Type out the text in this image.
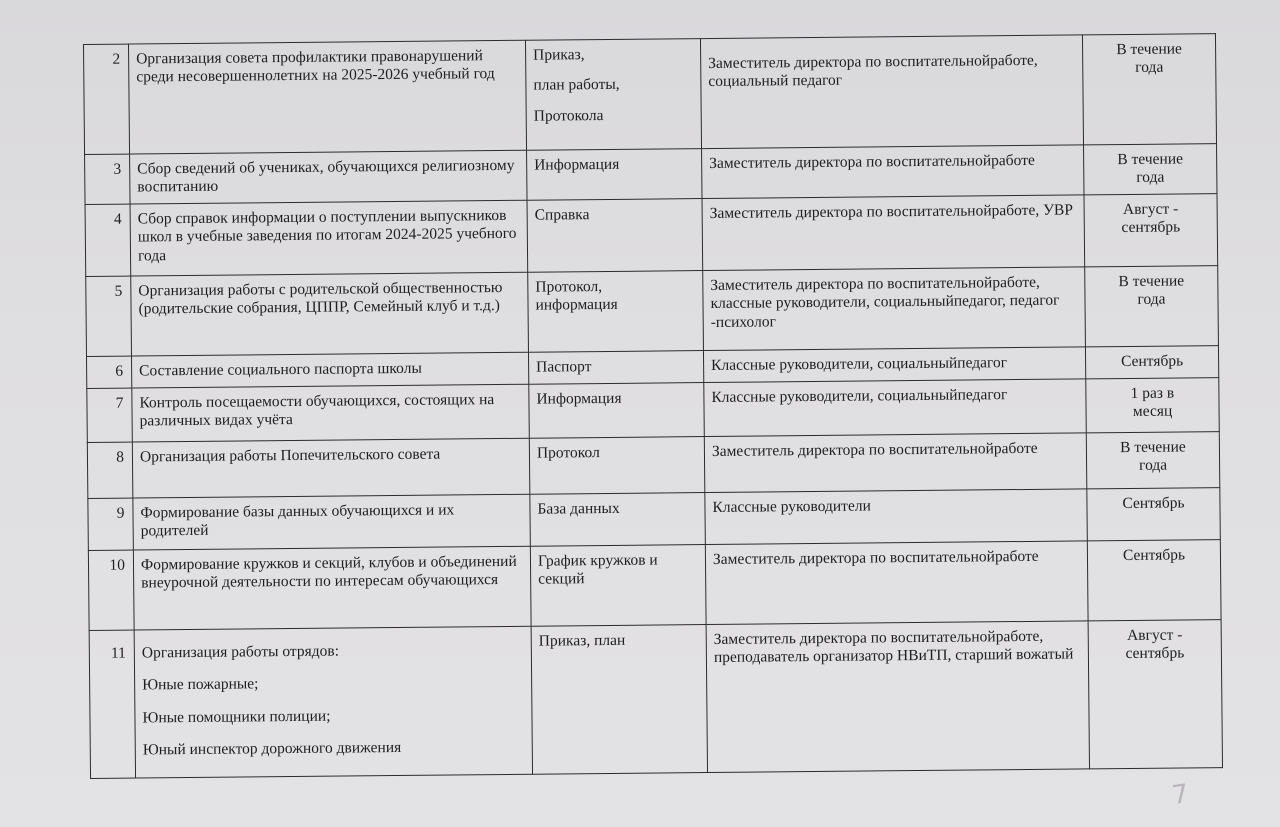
2	Организация совета профилактики правонарушений среди несовершеннолетних на 2025-2026 учебный год	Приказ,
план работы,
Протокола	Заместитель директора по воспитательнойработе, социальный педагог	В течение
года

3	Сбор сведений об учениках, обучающихся религиозному воспитанию	Информация	Заместитель директора по воспитательнойработе	В течение
года

4	Сбор справок информации о поступлении выпускников школ в учебные заведения по итогам 2024-2025 учебного года	Справка	Заместитель директора по воспитательнойработе, УВР	Август -
сентябрь

5	Организация работы с родительской общественностью (родительские собрания, ЦППР, Семейный клуб и т.д.)	Протокол,
информация	Заместитель директора по воспитательнойработе, классные руководители, социальныйпедагог, педагог -психолог	В течение
года

6	Составление социального паспорта школы	Паспорт	Классные руководители, социальныйпедагог	Сентябрь

7	Контроль посещаемости обучающихся, состоящих на различных видах учёта	Информация	Классные руководители, социальныйпедагог	1 раз в
месяц

8	Организация работы Попечительского совета	Протокол	Заместитель директора по воспитательнойработе	В течение
года

9	Формирование базы данных обучающихся и их родителей	База данных	Классные руководители	Сентябрь

10	Формирование кружков и секций, клубов и объединений внеурочной деятельности по интересам обучающихся	График кружков и секций	Заместитель директора по воспитательнойработе	Сентябрь

11	Организация работы отрядов:
Юные пожарные;
Юные помощники полиции;
Юный инспектор дорожного движения	Приказ, план	Заместитель директора по воспитательнойработе, преподаватель организатор НВиТП, старший вожатый	Август -
сентябрь
7
